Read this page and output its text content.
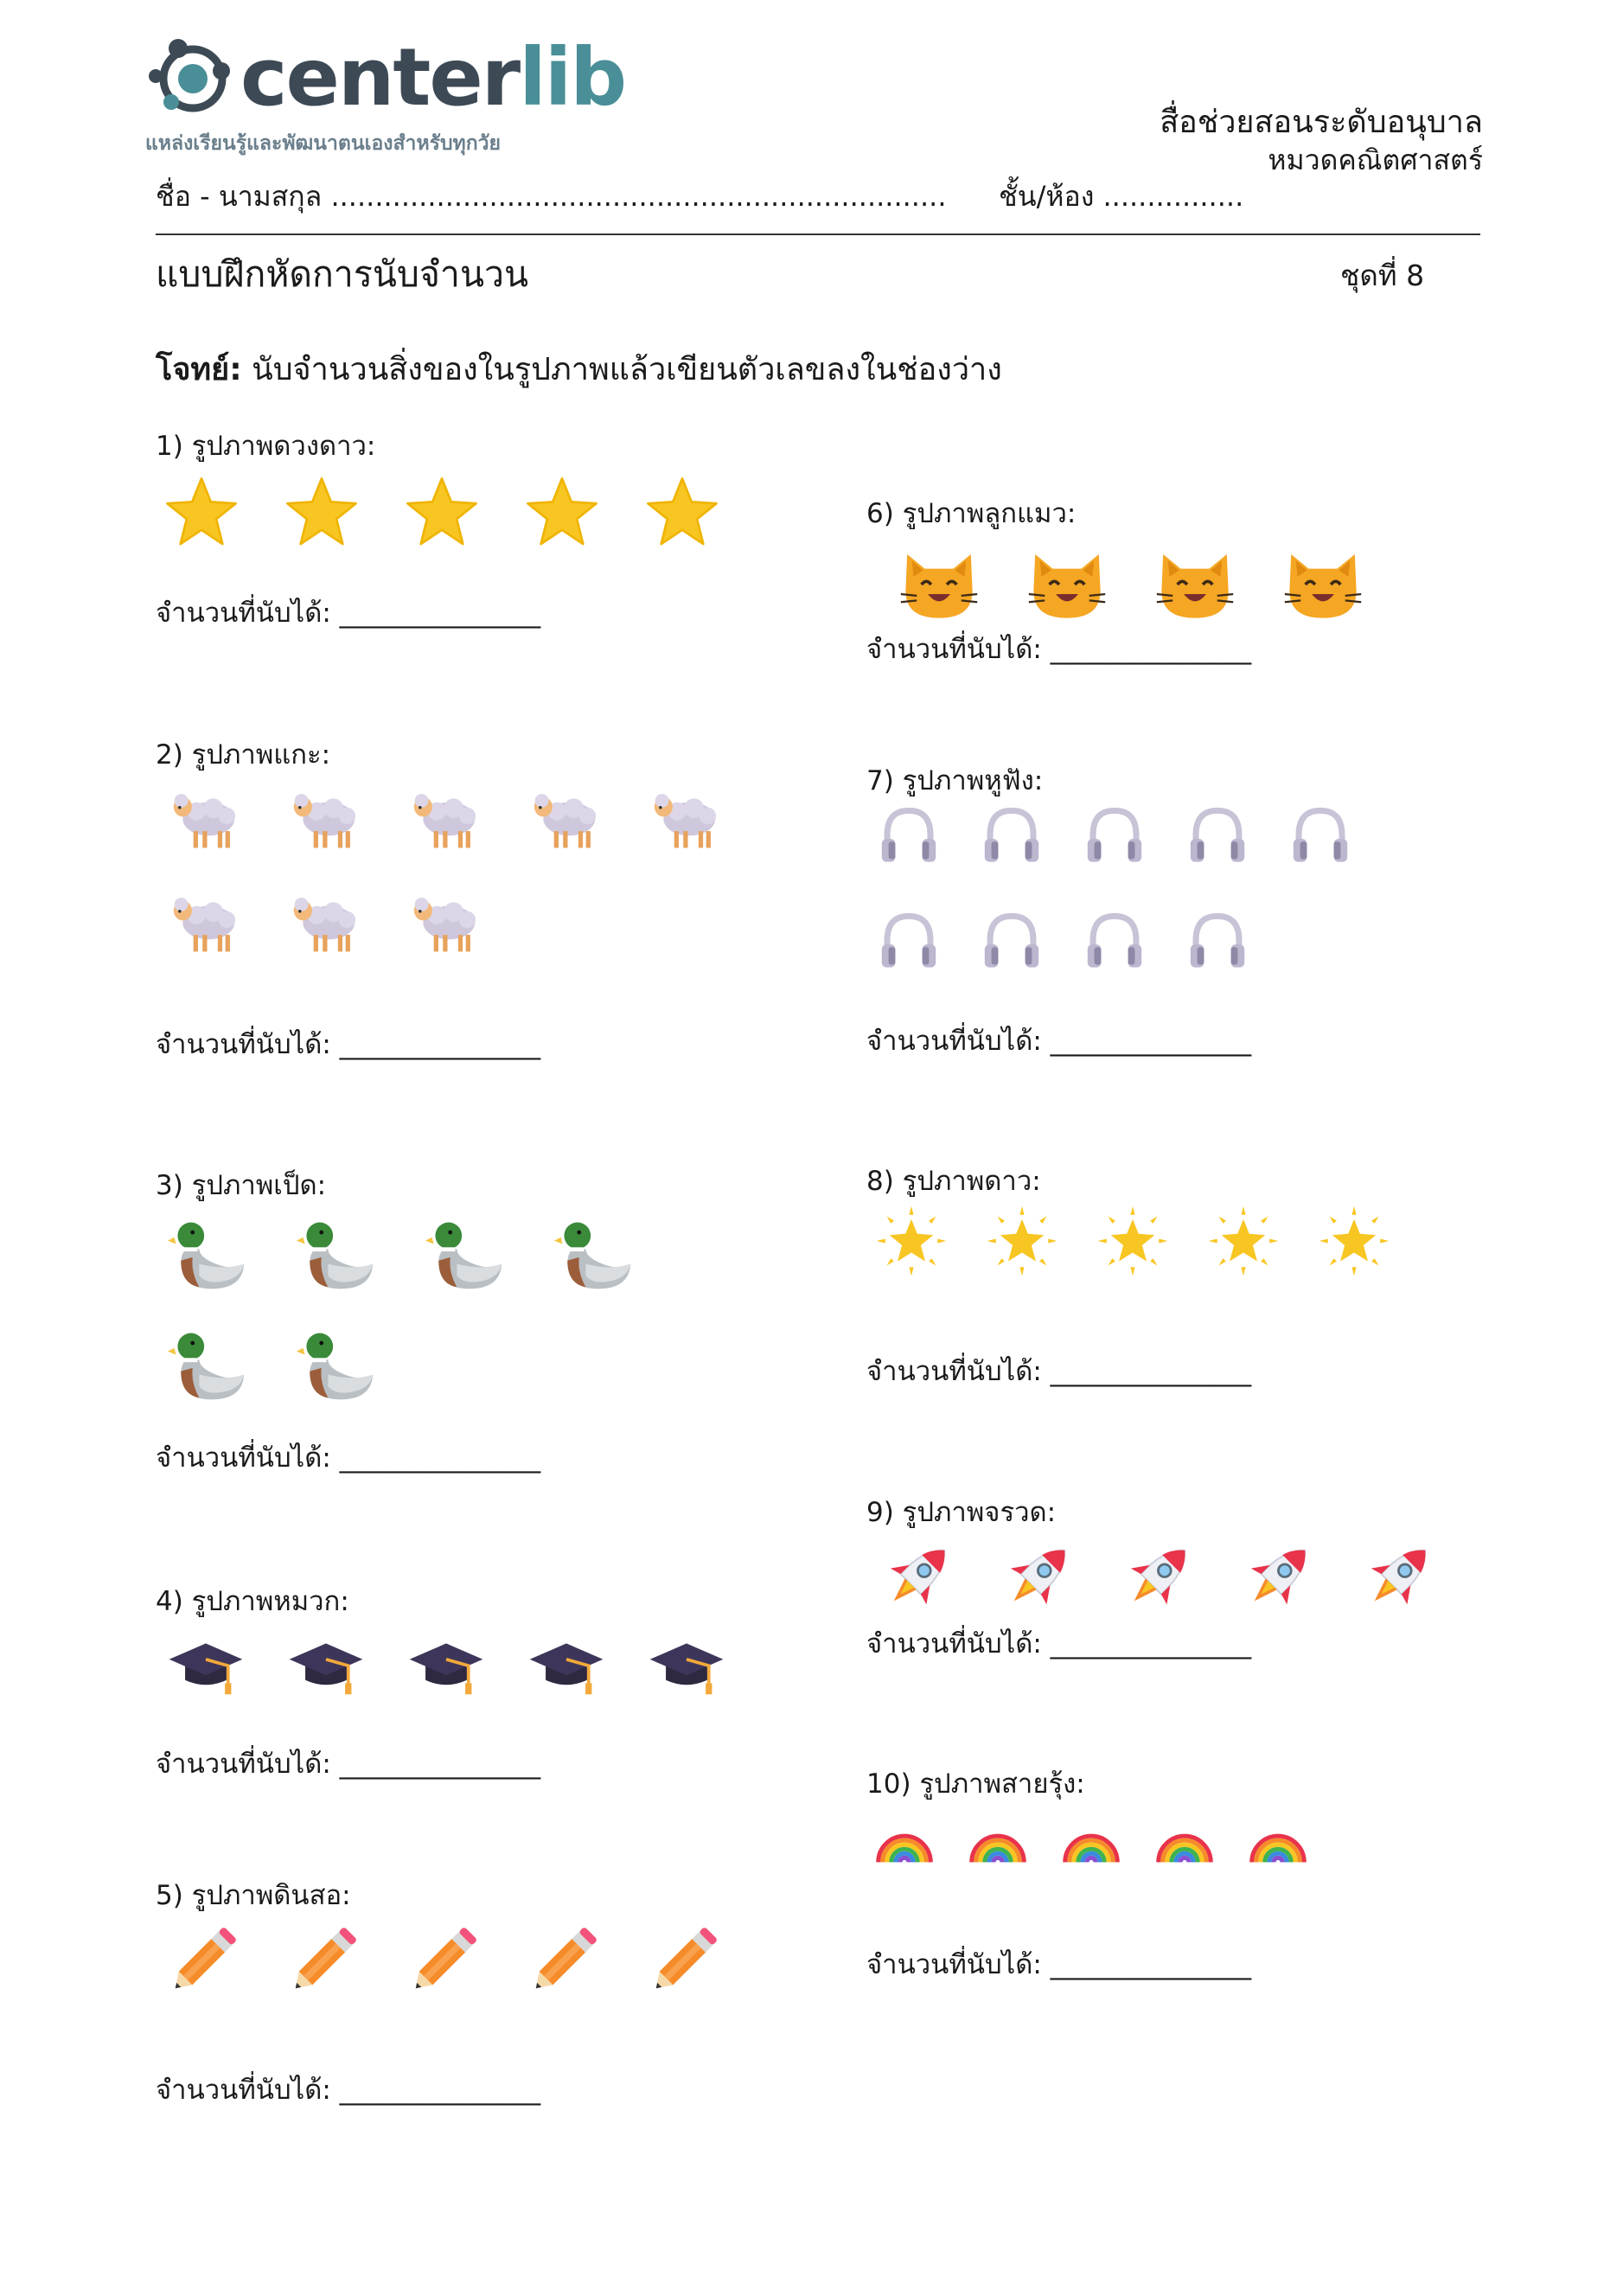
centerlib
แหล่งเรียนรู้และพัฒนาตนเองสำหรับทุกวัย
สื่อช่วยสอนระดับอนุบาล
หมวดคณิตศาสตร์
ชื่อ - นามสกุล ...................................................................... ชั้น/ห้อง ................
แบบฝึกหัดการนับจำนวน	ชุดที่ 8
โจทย์: นับจำนวนสิ่งของในรูปภาพแล้วเขียนตัวเลขลงในช่องว่าง
1) รูปภาพดวงดาว:
จำนวนที่นับได้: _______________
2) รูปภาพแกะ:
จำนวนที่นับได้: _______________
3) รูปภาพเป็ด:
จำนวนที่นับได้: _______________
4) รูปภาพหมวก:
จำนวนที่นับได้: _______________
5) รูปภาพดินสอ:
จำนวนที่นับได้: _______________
6) รูปภาพลูกแมว:
จำนวนที่นับได้: _______________
7) รูปภาพหูฟัง:
จำนวนที่นับได้: _______________
8) รูปภาพดาว:
จำนวนที่นับได้: _______________
9) รูปภาพจรวด:
จำนวนที่นับได้: _______________
10) รูปภาพสายรุ้ง:
จำนวนที่นับได้: _______________
